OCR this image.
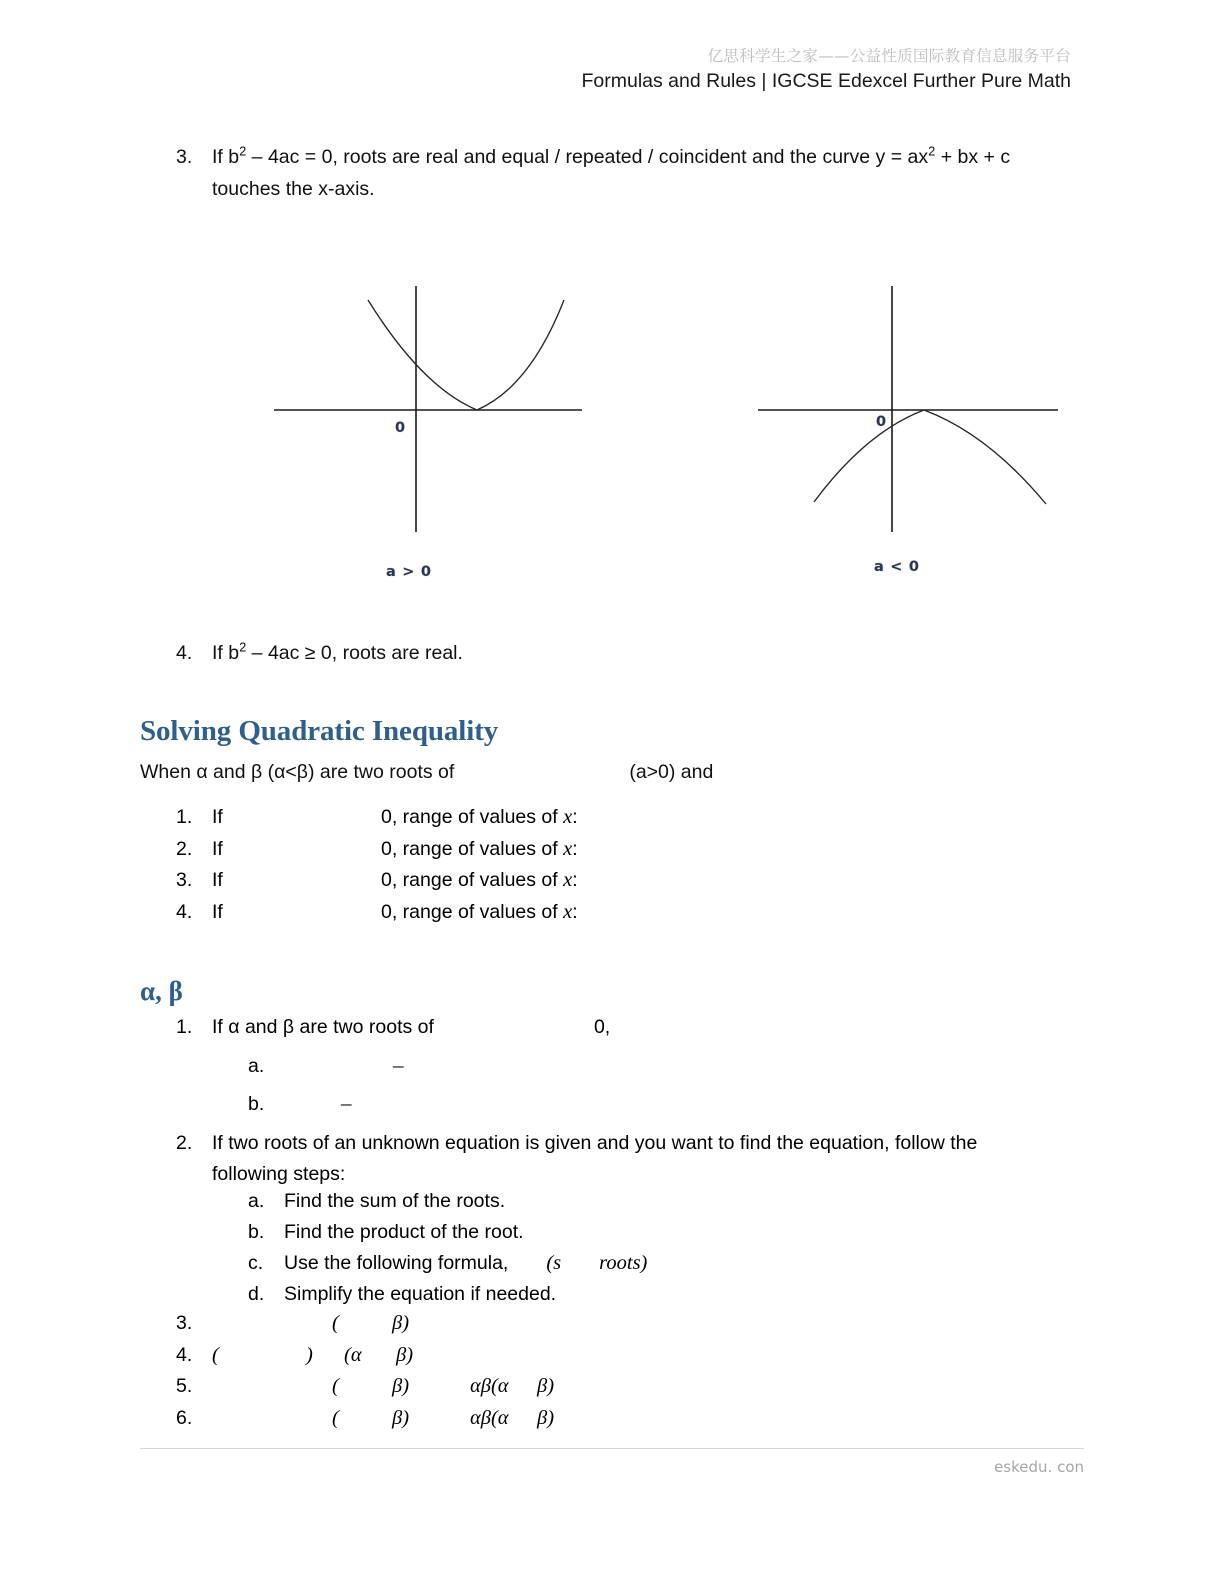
亿思科学生之家——公益性质国际教育信息服务平台
Formulas and Rules | IGCSE Edexcel Further Pure Math
3. If $b^2 - 4ac = 0$, roots are real and equal / repeated / coincident and the curve $y = ax^2$ + bx + c touches the x-axis.
0
a > 0
0
a < 0
4. If $b^2 - 4ac \ge 0$, roots are real.
Solving Quadratic Inequality
When α and β (α<β) are two roots of	(a>0) and
1. If	0, range of values of x:
2. If	0, range of values of x:
3. If	0, range of values of x:
4. If	0, range of values of x:
α, β
1. If α and β are two roots of	0,
a.	–
b.	–
2. If two roots of an unknown equation is given and you want to find the equation, follow the following steps:
a. Find the sum of the roots.
b. Find the product of the root.
c. Use the following formula, (s roots)
d. Simplify the equation if needed.
3.	(	β)
4. (	) (α β)
5.	(	β)	αβ(α β)
6.	(	β)	αβ(α β)
eskedu. con
